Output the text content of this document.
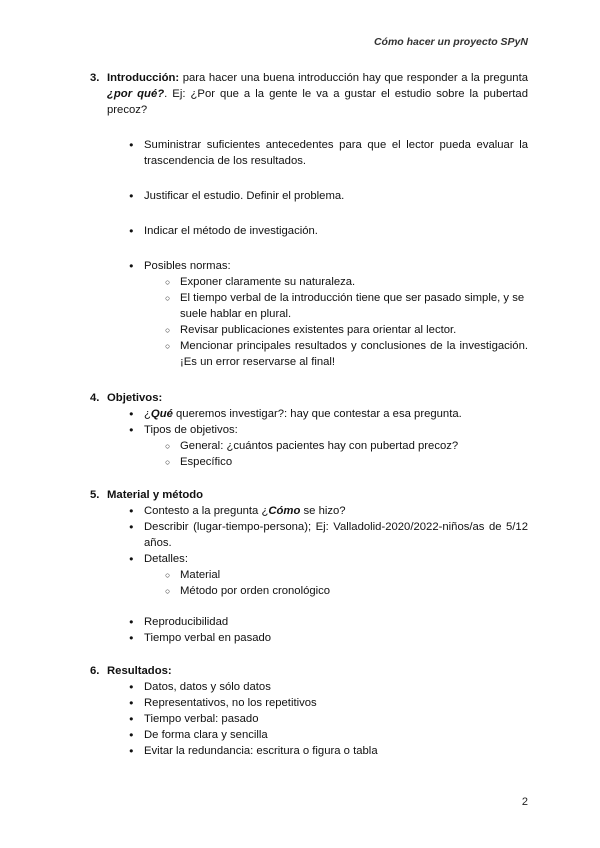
Cómo hacer un proyecto SPyN
3. Introducción: para hacer una buena introducción hay que responder a la pregunta ¿por qué?. Ej: ¿Por que a la gente le va a gustar el estudio sobre la pubertad precoz?

● Suministrar suficientes antecedentes para que el lector pueda evaluar la trascendencia de los resultados.
● Justificar el estudio. Definir el problema.
● Indicar el método de investigación.
● Posibles normas:
○ Exponer claramente su naturaleza.
○ El tiempo verbal de la introducción tiene que ser pasado simple, y se suele hablar en plural.
○ Revisar publicaciones existentes para orientar al lector.
○ Mencionar principales resultados y conclusiones de la investigación. ¡Es un error reservarse al final!
4. Objetivos:
● ¿Qué queremos investigar?: hay que contestar a esa pregunta.
● Tipos de objetivos:
○ General: ¿cuántos pacientes hay con pubertad precoz?
○ Específico
5. Material y método
● Contesto a la pregunta ¿Cómo se hizo?
● Describir (lugar-tiempo-persona); Ej: Valladolid-2020/2022-niños/as de 5/12 años.
● Detalles:
○ Material
○ Método por orden cronológico
● Reproducibilidad
● Tiempo verbal en pasado
6. Resultados:
● Datos, datos y sólo datos
● Representativos, no los repetitivos
● Tiempo verbal: pasado
● De forma clara y sencilla
● Evitar la redundancia: escritura o figura o tabla
2
